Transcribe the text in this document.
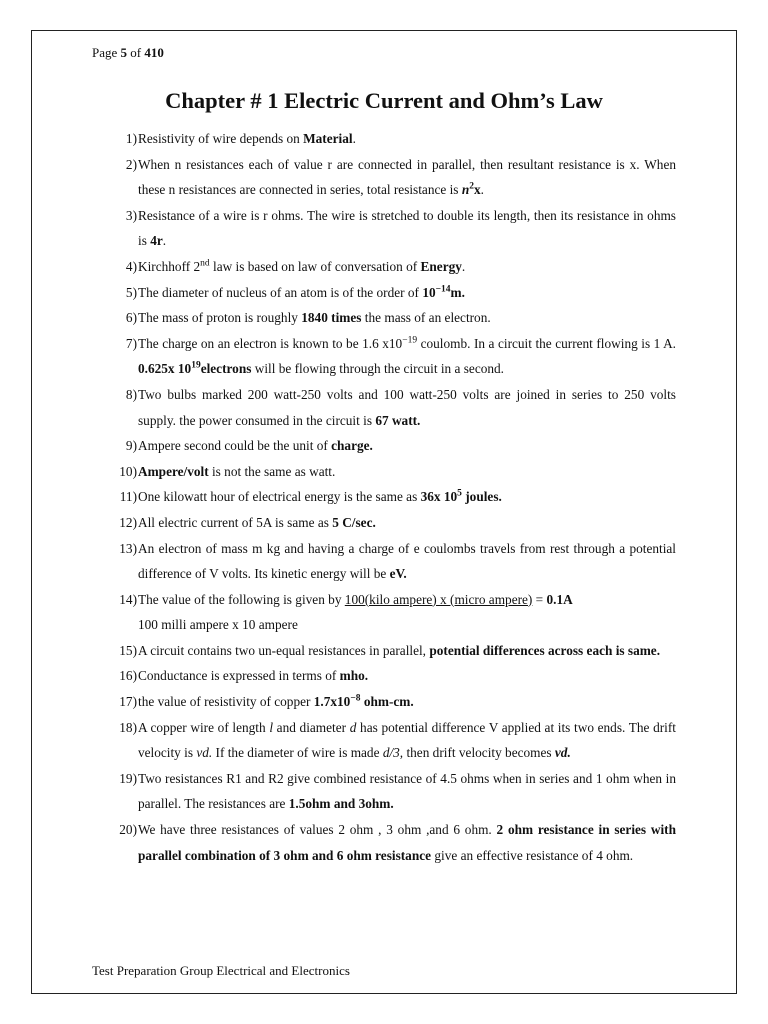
Page 5 of 410
Chapter # 1 Electric Current and Ohm’s Law
1) Resistivity of wire depends on Material.
2) When n resistances each of value r are connected in parallel, then resultant resistance is x. When these n resistances are connected in series, total resistance is $n^2x$.
3) Resistance of a wire is r ohms. The wire is stretched to double its length, then its resistance in ohms is 4r.
4) Kirchhoff 2nd law is based on law of conversation of Energy.
5) The diameter of nucleus of an atom is of the order of $10^{-14}m$.
6) The mass of proton is roughly 1840 times the mass of an electron.
7) The charge on an electron is known to be 1.6 $x10^{-19}$ coulomb. In a circuit the current flowing is 1 A. 0.625x $10^{19}electrons$ will be flowing through the circuit in a second.
8) Two bulbs marked 200 watt-250 volts and 100 watt-250 volts are joined in series to 250 volts supply. the power consumed in the circuit is 67 watt.
9) Ampere second could be the unit of charge.
10) Ampere/volt is not the same as watt.
11) One kilowatt hour of electrical energy is the same as 36x $10^5$ joules.
12) All electric current of 5A is same as 5 C/sec.
13) An electron of mass m kg and having a charge of e coulombs travels from rest through a potential difference of V volts. Its kinetic energy will be eV.
14) The value of the following is given by 100(kilo ampere) x (micro ampere) = 0.1A
100 milli ampere x 10 ampere
15) A circuit contains two un-equal resistances in parallel, potential differences across each is same.
16) Conductance is expressed in terms of mho.
17) the value of resistivity of copper $1.7x10^{-8}$ ohm-cm.
18) A copper wire of length l and diameter d has potential difference V applied at its two ends. The drift velocity is vd. If the diameter of wire is made d/3, then drift velocity becomes vd.
19) Two resistances R1 and R2 give combined resistance of 4.5 ohms when in series and 1 ohm when in parallel. The resistances are 1.5ohm and 3ohm.
20) We have three resistances of values 2 ohm , 3 ohm ,and 6 ohm. 2 ohm resistance in series with parallel combination of 3 ohm and 6 ohm resistance give an effective resistance of 4 ohm.
Test Preparation Group Electrical and Electronics
